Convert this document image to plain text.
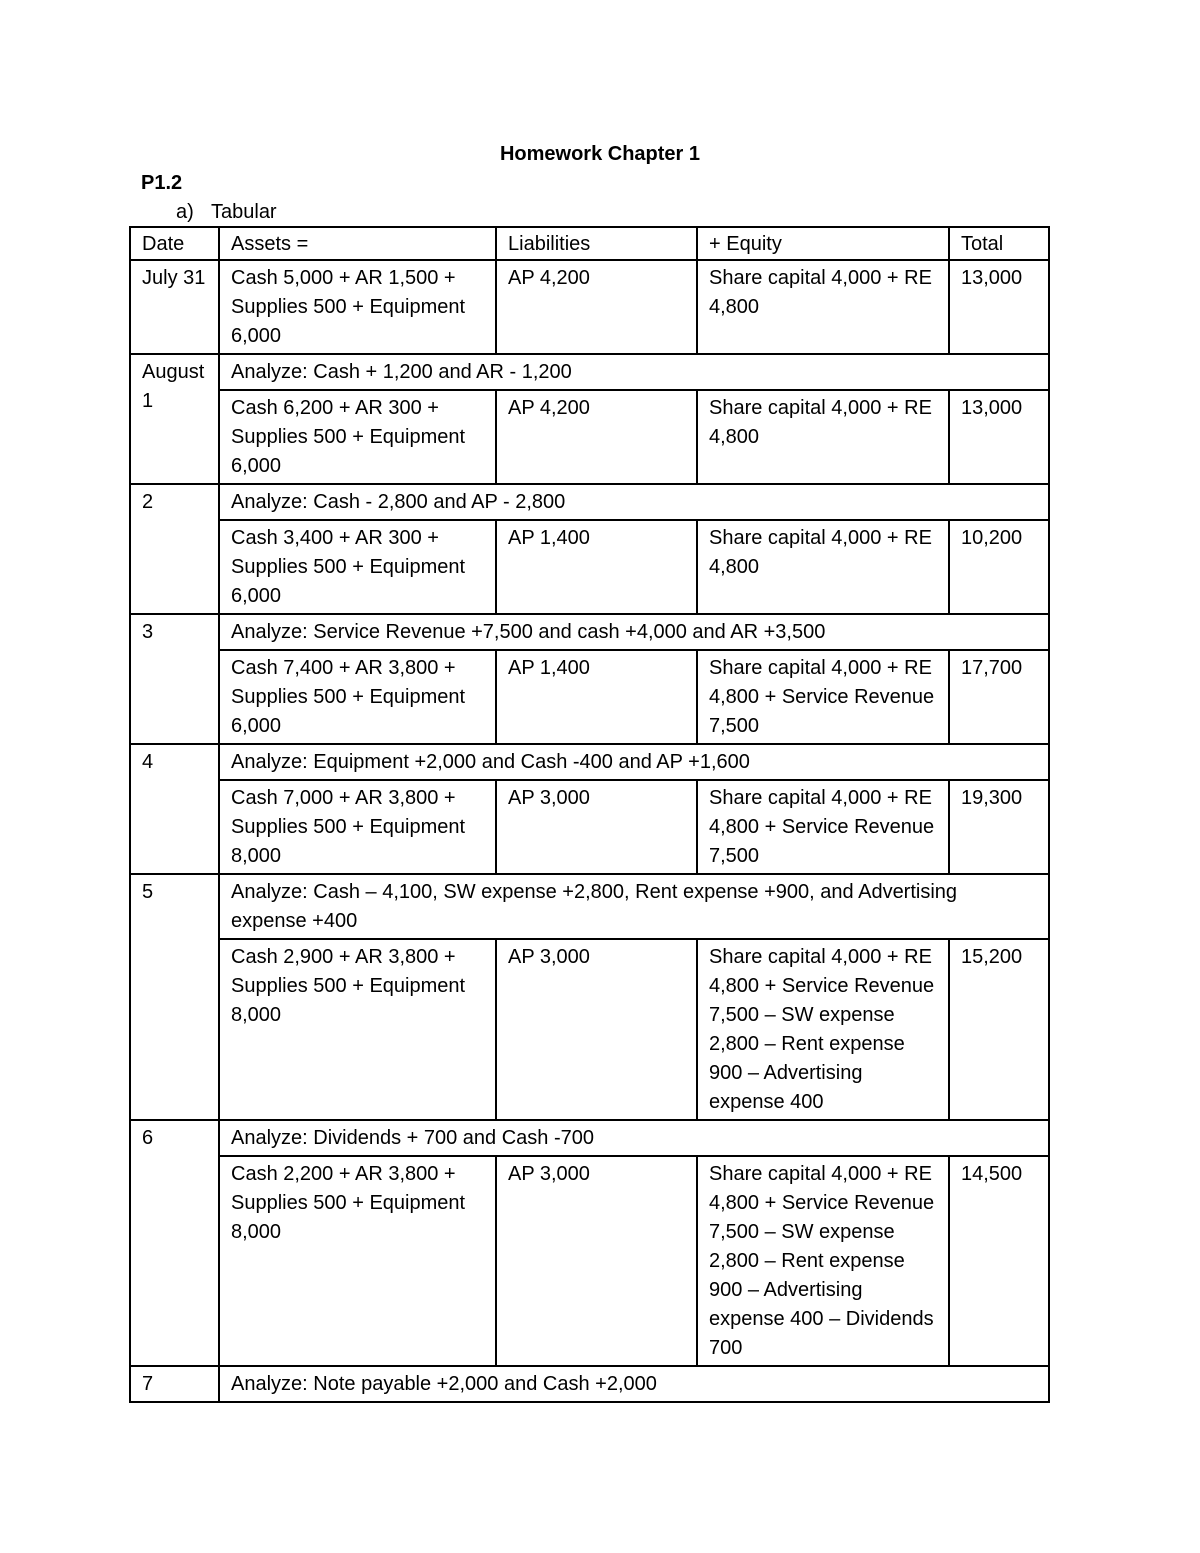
Homework Chapter 1
P1.2
a) Tabular
Date	Assets =	Liabilities	+ Equity	Total
July 31	Cash 5,000 + AR 1,500 + Supplies 500 + Equipment 6,000	AP 4,200	Share capital 4,000 + RE 4,800	13,000
August 1	Analyze: Cash + 1,200 and AR - 1,200			
	Cash 6,200 + AR 300 + Supplies 500 + Equipment 6,000	AP 4,200	Share capital 4,000 + RE 4,800	13,000
2	Analyze: Cash - 2,800 and AP - 2,800			
	Cash 3,400 + AR 300 + Supplies 500 + Equipment 6,000	AP 1,400	Share capital 4,000 + RE 4,800	10,200
3	Analyze: Service Revenue +7,500 and cash +4,000 and AR +3,500			
	Cash 7,400 + AR 3,800 + Supplies 500 + Equipment 6,000	AP 1,400	Share capital 4,000 + RE 4,800 + Service Revenue 7,500	17,700
4	Analyze: Equipment +2,000 and Cash -400 and AP +1,600			
	Cash 7,000 + AR 3,800 + Supplies 500 + Equipment 8,000	AP 3,000	Share capital 4,000 + RE 4,800 + Service Revenue 7,500	19,300
5	Analyze: Cash – 4,100, SW expense +2,800, Rent expense +900, and Advertising expense +400			
	Cash 2,900 + AR 3,800 + Supplies 500 + Equipment 8,000	AP 3,000	Share capital 4,000 + RE 4,800 + Service Revenue 7,500 – SW expense 2,800 – Rent expense 900 – Advertising expense 400	15,200
6	Analyze: Dividends + 700 and Cash -700			
	Cash 2,200 + AR 3,800 + Supplies 500 + Equipment 8,000	AP 3,000	Share capital 4,000 + RE 4,800 + Service Revenue 7,500 – SW expense 2,800 – Rent expense 900 – Advertising expense 400 – Dividends 700	14,500
7	Analyze: Note payable +2,000 and Cash +2,000			
